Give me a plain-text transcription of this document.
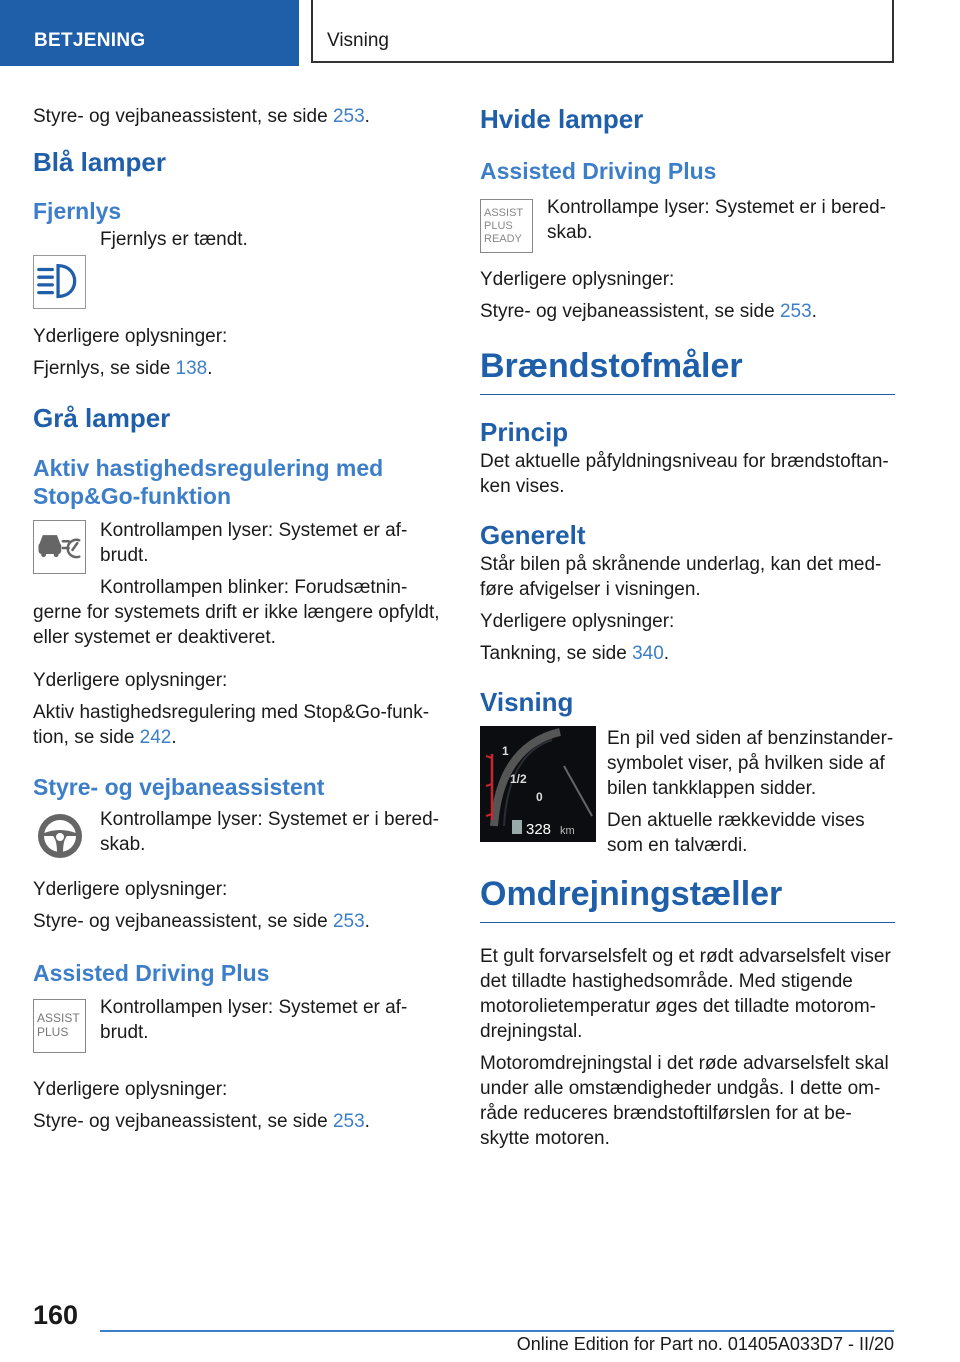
BETJENING	Visning

Styre- og vejbaneassistent, se side 253.

Blå lamper
Fjernlys

Fjernlys er tændt.

Yderligere oplysninger:

Fjernlys, se side 138.

Grå lamper
Aktiv hastighedsregulering med
Stop&Go-funktion

Kontrollampen lyser: Systemet er af-
brudt.

Kontrollampen blinker: Forudsætnin-

gerne for systemets drift er ikke længere opfyldt,
eller systemet er deaktiveret.

Yderligere oplysninger:

Aktiv hastighedsregulering med Stop&Go-funk-
tion, se side 242.

Styre- og vejbaneassistent

Kontrollampe lyser: Systemet er i bered-
skab.

Yderligere oplysninger:

Styre- og vejbaneassistent, se side 253.

Assisted Driving Plus
ASSIST
PLUS

Kontrollampen lyser: Systemet er af-
brudt.

Yderligere oplysninger:

Styre- og vejbaneassistent, se side 253.

Hvide lamper
Assisted Driving Plus
ASSIST
PLUS
READY

Kontrollampe lyser: Systemet er i bered-
skab.

Yderligere oplysninger:

Styre- og vejbaneassistent, se side 253.

Brændstofmåler
Princip

Det aktuelle påfyldningsniveau for brændstoftan-
ken vises.

Generelt

Står bilen på skrånende underlag, kan det med-
føre afvigelser i visningen.

Yderligere oplysninger:

Tankning, se side 340.

Visning
1
1/2
0
328 km

En pil ved siden af benzinstander-
symbolet viser, på hvilken side af
bilen tankklappen sidder.

Den aktuelle rækkevidde vises
som en talværdi.

Omdrejningstæller

Et gult forvarselsfelt og et rødt advarselsfelt viser
det tilladte hastighedsområde. Med stigende
motorolietemperatur øges det tilladte motorom-
drejningstal.

Motoromdrejningstal i det røde advarselsfelt skal
under alle omstændigheder undgås. I dette om-
råde reduceres brændstoftilførslen for at be-
skytte motoren.

160
Online Edition for Part no. 01405A033D7 - II/20
